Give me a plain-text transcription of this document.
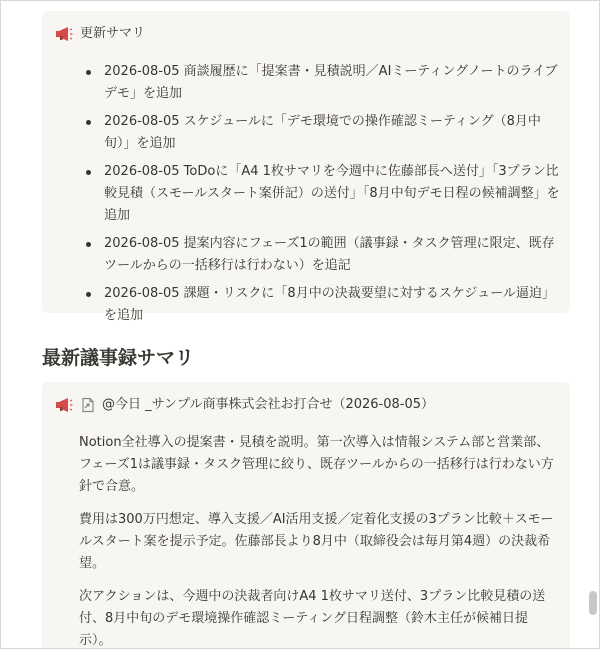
更新サマリ
2026-08-05 商談履歴に「提案書・見積説明／AIミーティングノートのライブデモ」を追加
2026-08-05 スケジュールに「デモ環境での操作確認ミーティング（8月中旬）」を追加
2026-08-05 ToDoに「A4 1枚サマリを今週中に佐藤部長へ送付」「3プラン比較見積（スモールスタート案併記）の送付」「8月中旬デモ日程の候補調整」を追加
2026-08-05 提案内容にフェーズ1の範囲（議事録・タスク管理に限定、既存ツールからの一括移行は行わない）を追記
2026-08-05 課題・リスクに「8月中の決裁要望に対するスケジュール逼迫」を追加
最新議事録サマリ
@今日 _サンプル商事株式会社お打合せ（2026-08-05）

Notion全社導入の提案書・見積を説明。第一次導入は情報システム部と営業部、フェーズ1は議事録・タスク管理に絞り、既存ツールからの一括移行は行わない方針で合意。

費用は300万円想定、導入支援／AI活用支援／定着化支援の3プラン比較＋スモールスタート案を提示予定。佐藤部長より8月中（取締役会は毎月第4週）の決裁希望。

次アクションは、今週中の決裁者向けA4 1枚サマリ送付、3プラン比較見積の送付、8月中旬のデモ環境操作確認ミーティング日程調整（鈴木主任が候補日提示）。
